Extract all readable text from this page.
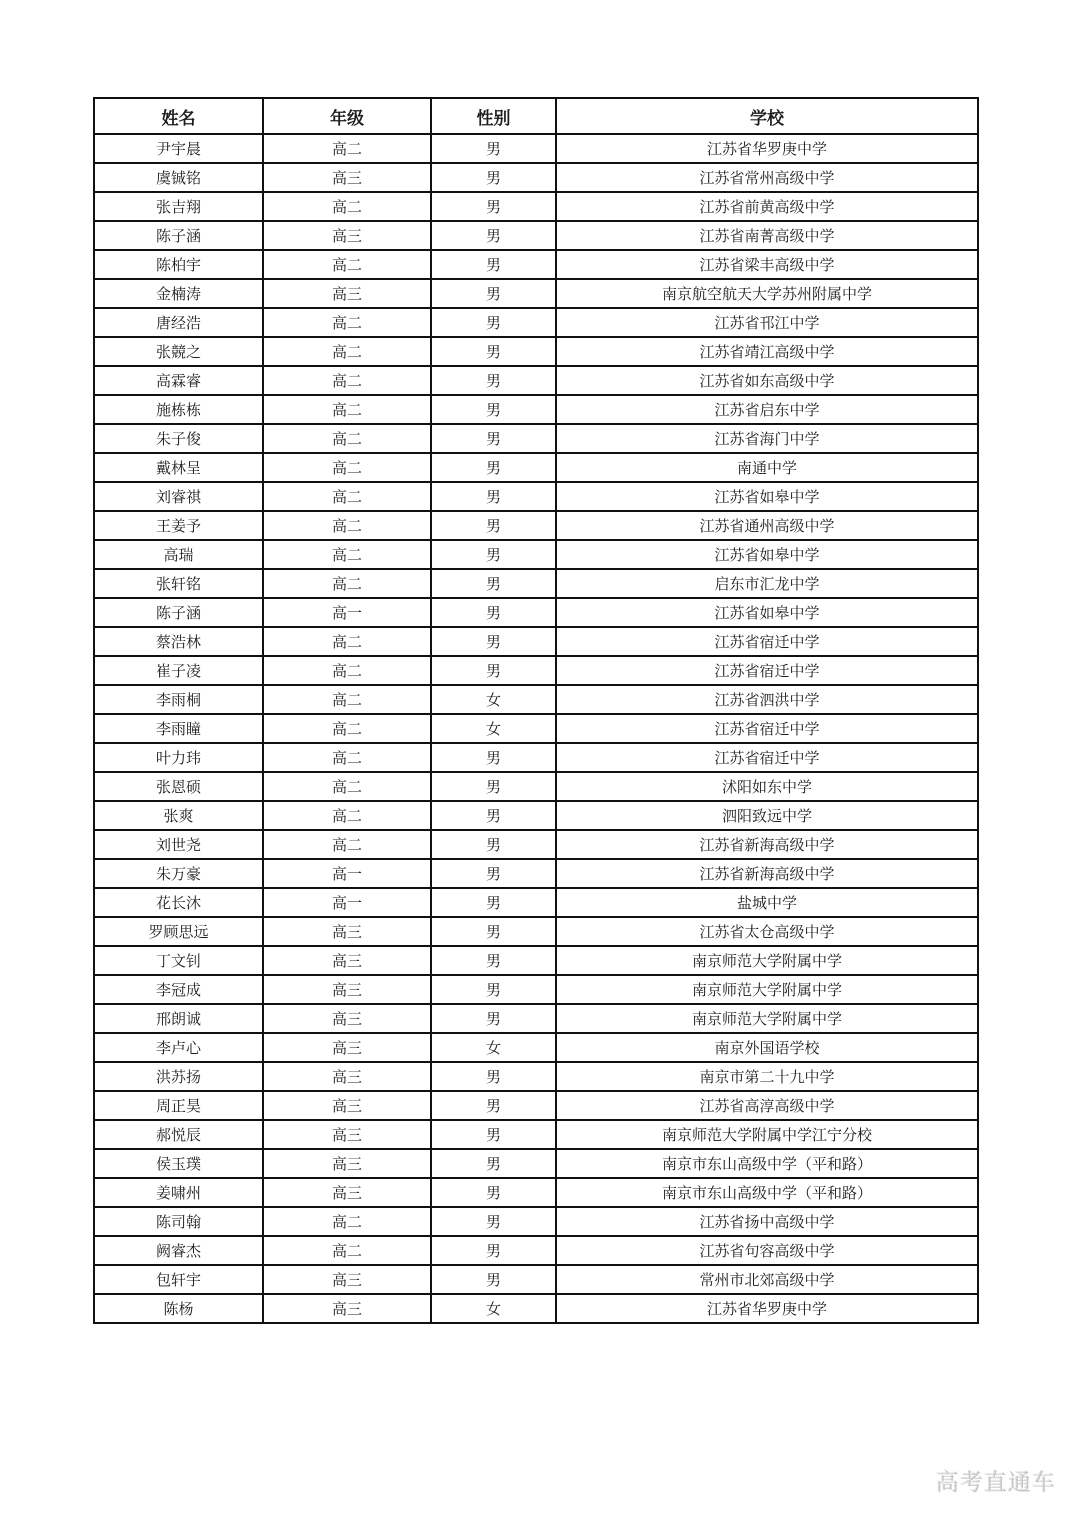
姓名	年级	性别	学校
尹宇晨	高二	男	江苏省华罗庚中学
虞铖铭	高三	男	江苏省常州高级中学
张吉翔	高二	男	江苏省前黄高级中学
陈子涵	高三	男	江苏省南菁高级中学
陈柏宇	高二	男	江苏省梁丰高级中学
金楠涛	高三	男	南京航空航天大学苏州附属中学
唐经浩	高二	男	江苏省邗江中学
张競之	高二	男	江苏省靖江高级中学
高霖睿	高二	男	江苏省如东高级中学
施栋栋	高二	男	江苏省启东中学
朱子俊	高二	男	江苏省海门中学
戴林呈	高二	男	南通中学
刘睿祺	高二	男	江苏省如皋中学
王姜予	高二	男	江苏省通州高级中学
高瑞	高二	男	江苏省如皋中学
张轩铭	高二	男	启东市汇龙中学
陈子涵	高一	男	江苏省如皋中学
蔡浩林	高二	男	江苏省宿迁中学
崔子凌	高二	男	江苏省宿迁中学
李雨桐	高二	女	江苏省泗洪中学
李雨瞳	高二	女	江苏省宿迁中学
叶力玮	高二	男	江苏省宿迁中学
张恩硕	高二	男	沭阳如东中学
张爽	高二	男	泗阳致远中学
刘世尧	高二	男	江苏省新海高级中学
朱万豪	高一	男	江苏省新海高级中学
花长沐	高一	男	盐城中学
罗顾思远	高三	男	江苏省太仓高级中学
丁文钊	高三	男	南京师范大学附属中学
李冠成	高三	男	南京师范大学附属中学
邢朗诚	高三	男	南京师范大学附属中学
李卢心	高三	女	南京外国语学校
洪苏扬	高三	男	南京市第二十九中学
周正昊	高三	男	江苏省高淳高级中学
郝悦辰	高三	男	南京师范大学附属中学江宁分校
侯玉璞	高三	男	南京市东山高级中学（平和路）
姜啸州	高三	男	南京市东山高级中学（平和路）
陈司翰	高二	男	江苏省扬中高级中学
阙睿杰	高二	男	江苏省句容高级中学
包轩宇	高三	男	常州市北郊高级中学
陈杨	高三	女	江苏省华罗庚中学
高考直通车
